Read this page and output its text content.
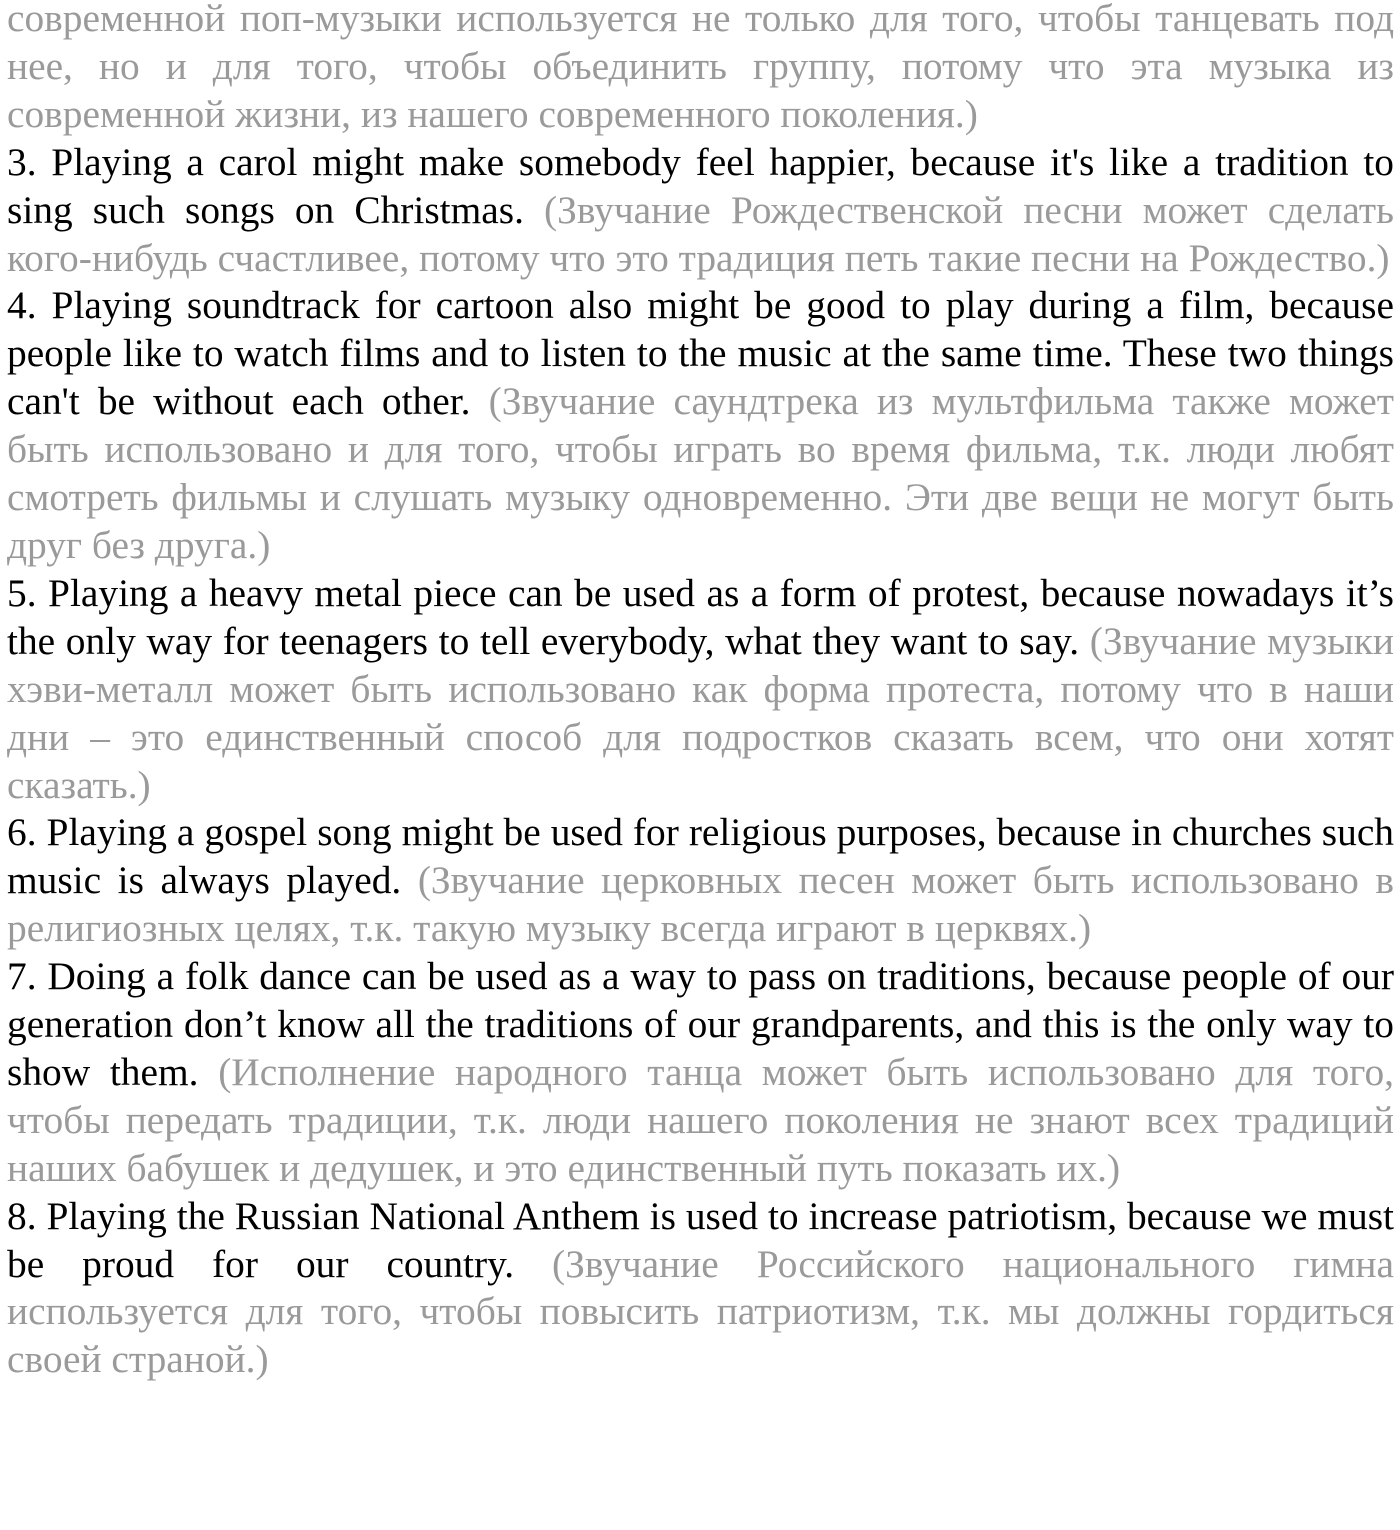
современной поп-музыки используется не только для того, чтобы танцевать под нее, но и для того, чтобы объединить группу, потому что эта музыка из современной жизни, из нашего современного поколения.)

3. Playing a carol might make somebody feel happier, because it's like a tradition to sing such songs on Christmas. (Звучание Рождественской песни может сделать кого-нибудь счастливее, потому что это традиция петь такие песни на Рождество.)

4. Playing soundtrack for cartoon also might be good to play during a film, because people like to watch films and to listen to the music at the same time. These two things can't be without each other. (Звучание саундтрека из мультфильма также может быть использовано и для того, чтобы играть во время фильма, т.к. люди любят смотреть фильмы и слушать музыку одновременно. Эти две вещи не могут быть друг без друга.)

5. Playing a heavy metal piece can be used as a form of protest, because nowadays it’s the only way for teenagers to tell everybody, what they want to say. (Звучание музыки хэви-металл может быть использовано как форма протеста, потому что в наши дни – это единственный способ для подростков сказать всем, что они хотят сказать.)

6. Playing a gospel song might be used for religious purposes, because in churches such music is always played. (Звучание церковных песен может быть использовано в религиозных целях, т.к. такую музыку всегда играют в церквях.)

7. Doing a folk dance can be used as a way to pass on traditions, because people of our generation don’t know all the traditions of our grandparents, and this is the only way to show them. (Исполнение народного танца может быть использовано для того, чтобы передать традиции, т.к. люди нашего поколения не знают всех традиций наших бабушек и дедушек, и это единственный путь показать их.)

8. Playing the Russian National Anthem is used to increase patriotism, because we must be proud for our country. (Звучание Российского национального гимна используется для того, чтобы повысить патриотизм, т.к. мы должны гордиться своей страной.)
